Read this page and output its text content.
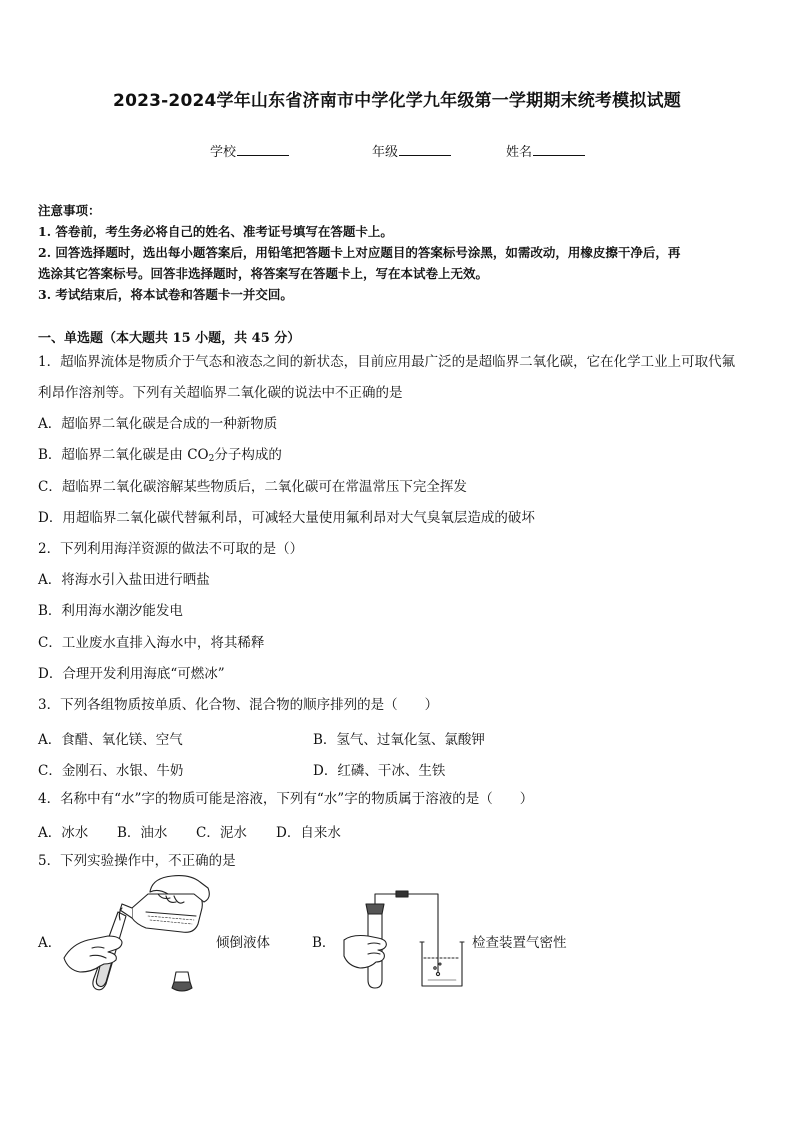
2023-2024学年山东省济南市中学化学九年级第一学期期末统考模拟试题
学校	年级	姓名

注意事项：

1. 答卷前，考生务必将自己的姓名、准考证号填写在答题卡上。

2. 回答选择题时，选出每小题答案后，用铅笔把答题卡上对应题目的答案标号涂黑，如需改动，用橡皮擦干净后，再

选涂其它答案标号。回答非选择题时，将答案写在答题卡上，写在本试卷上无效。

3. 考试结束后，将本试卷和答题卡一并交回。

一、单选题（本大题共 15 小题，共 45 分）
1．超临界流体是物质介于气态和液态之间的新状态，目前应用最广泛的是超临界二氧化碳，它在化学工业上可取代氟
利昂作溶剂等。下列有关超临界二氧化碳的说法中不正确的是
A．超临界二氧化碳是合成的一种新物质
B．超临界二氧化碳是由 $CO_2$分子构成的
C．超临界二氧化碳溶解某些物质后，二氧化碳可在常温常压下完全挥发
D．用超临界二氧化碳代替氟利昂，可减轻大量使用氟利昂对大气臭氧层造成的破坏
2．下列利用海洋资源的做法不可取的是（）
A．将海水引入盐田进行晒盐
B．利用海水潮汐能发电
C．工业废水直排入海水中，将其稀释
D．合理开发利用海底“可燃冰”
3．下列各组物质按单质、化合物、混合物的顺序排列的是（　　）
A．食醋、氧化镁、空气	B．氢气、过氧化氢、氯酸钾
C．金刚石、水银、牛奶	D．红磷、干冰、生铁
4．名称中有“水”字的物质可能是溶液，下列有“水”字的物质属于溶液的是（　　）
A．冰水 B．油水 C．泥水 D．自来水
5．下列实验操作中，不正确的是
A．	倾倒液体	B．	检查装置气密性
